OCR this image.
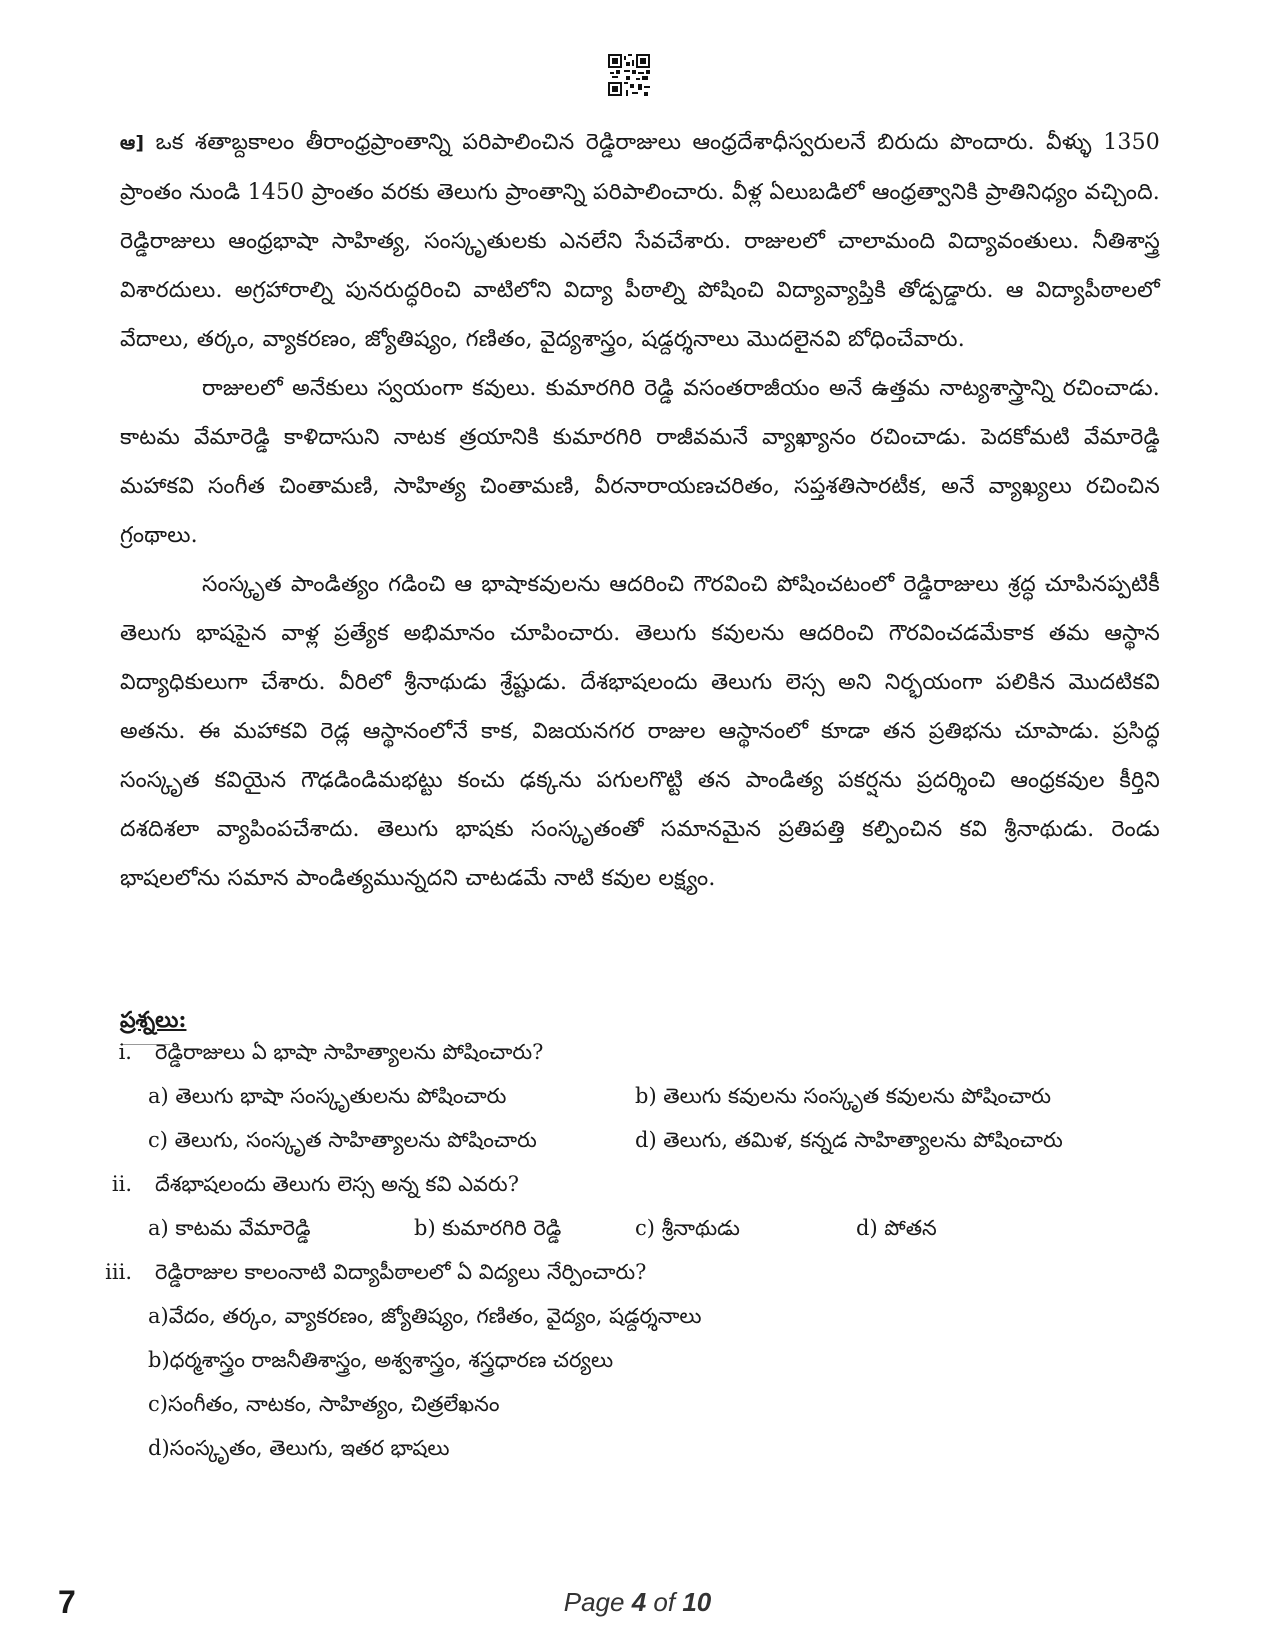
ఆ] ఒక శతాబ్దకాలం తీరాంధ్రప్రాంతాన్ని పరిపాలించిన రెడ్డిరాజులు ఆంధ్రదేశాధీస్వరులనే బిరుదు పొందారు. వీళ్ళు 1350 ప్రాంతం నుండి 1450 ప్రాంతం వరకు తెలుగు ప్రాంతాన్ని పరిపాలించారు. వీళ్ల ఏలుబడిలో ఆంధ్రత్వానికి ప్రాతినిధ్యం వచ్చింది. రెడ్డిరాజులు ఆంధ్రభాషా సాహిత్య, సంస్కృతులకు ఎనలేని సేవచేశారు. రాజులలో చాలామంది విద్యావంతులు. నీతిశాస్త్ర విశారదులు. అగ్రహారాల్ని పునరుద్ధరించి వాటిలోని విద్యా పీఠాల్ని పోషించి విద్యావ్యాప్తికి తోడ్పడ్డారు. ఆ విద్యాపీఠాలలో వేదాలు, తర్కం, వ్యాకరణం, జ్యోతిష్యం, గణితం, వైద్యశాస్త్రం, షడ్దర్శనాలు మొదలైనవి బోధించేవారు.

రాజులలో అనేకులు స్వయంగా కవులు. కుమారగిరి రెడ్డి వసంతరాజీయం అనే ఉత్తమ నాట్యశాస్త్రాన్ని రచించాడు. కాటమ వేమారెడ్డి కాళిదాసుని నాటక త్రయానికి కుమారగిరి రాజీవమనే వ్యాఖ్యానం రచించాడు. పెదకోమటి వేమారెడ్డి మహాకవి సంగీత చింతామణి, సాహిత్య చింతామణి, వీరనారాయణచరితం, సప్తశతిసారటీక, అనే వ్యాఖ్యలు రచించిన గ్రంథాలు.

సంస్కృత పాండిత్యం గడించి ఆ భాషాకవులను ఆదరించి గౌరవించి పోషించటంలో రెడ్డిరాజులు శ్రద్ధ చూపినప్పటికీ తెలుగు భాషపైన వాళ్ల ప్రత్యేక అభిమానం చూపించారు. తెలుగు కవులను ఆదరించి గౌరవించడమేకాక తమ ఆస్థాన విద్యాధికులుగా చేశారు. వీరిలో శ్రీనాథుడు శ్రేష్టుడు. దేశభాషలందు తెలుగు లెస్స అని నిర్భయంగా పలికిన మొదటికవి అతను. ఈ మహాకవి రెడ్ల ఆస్థానంలోనే కాక, విజయనగర రాజుల ఆస్థానంలో కూడా తన ప్రతిభను చూపాడు. ప్రసిద్ధ సంస్కృత కవియైన గౌఢడిండిమభట్టు కంచు ఢక్కను పగులగొట్టి తన పాండిత్య పకర్షను ప్రదర్శించి ఆంధ్రకవుల కీర్తిని దశదిశలా వ్యాపింపచేశాదు. తెలుగు భాషకు సంస్కృతంతో సమానమైన ప్రతిపత్తి కల్పించిన కవి శ్రీనాథుడు. రెండు భాషలలోను సమాన పాండిత్యమున్నదని చాటడమే నాటి కవుల లక్ష్యం.

ప్రశ్నలు:
i. రెడ్డిరాజులు ఏ భాషా సాహిత్యాలను పోషించారు?
a) తెలుగు భాషా సంస్కృతులను పోషించారు	b) తెలుగు కవులను సంస్కృత కవులను పోషించారు
c) తెలుగు, సంస్కృత సాహిత్యాలను పోషించారు	d) తెలుగు, తమిళ, కన్నడ సాహిత్యాలను పోషించారు
ii. దేశభాషలందు తెలుగు లెస్స అన్న కవి ఎవరు?
a) కాటమ వేమారెడ్డి	b) కుమారగిరి రెడ్డి	c) శ్రీనాథుడు	d) పోతన
iii. రెడ్డిరాజుల కాలంనాటి విద్యాపీఠాలలో ఏ విద్యలు నేర్పించారు?
a)వేదం, తర్కం, వ్యాకరణం, జ్యోతిష్యం, గణితం, వైద్యం, షడ్దర్శనాలు
b)ధర్మశాస్త్రం రాజనీతిశాస్త్రం, అశ్వశాస్త్రం, శస్త్రధారణ చర్యలు
c)సంగీతం, నాటకం, సాహిత్యం, చిత్రలేఖనం
d)సంస్కృతం, తెలుగు, ఇతర భాషలు
7	Page 4 of 10
